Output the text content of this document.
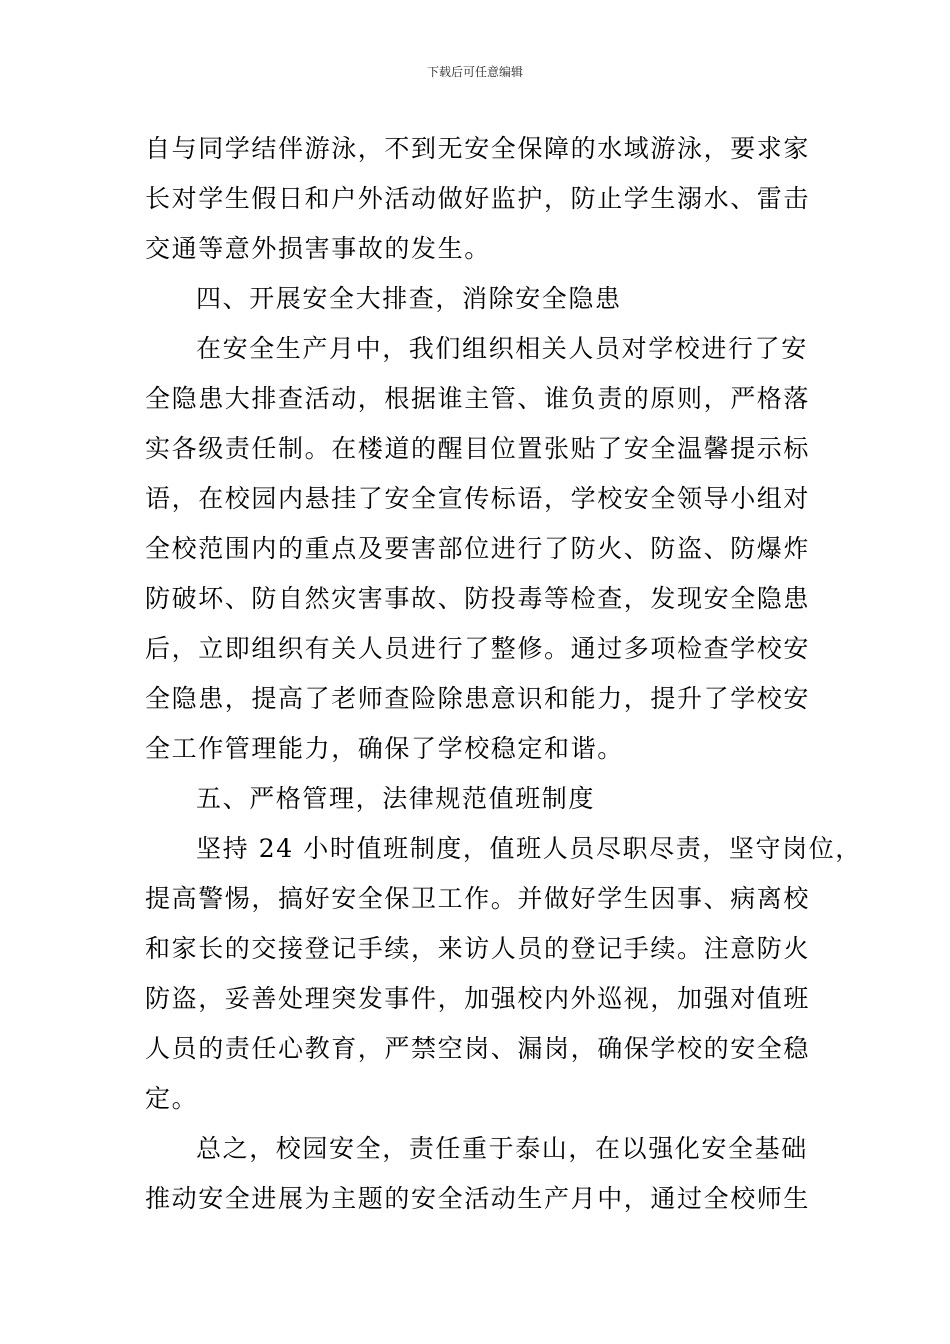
下载后可任意编辑
自与同学结伴游泳，不到无安全保障的水域游泳，要求家
长对学生假日和户外活动做好监护，防止学生溺水、雷击
交通等意外损害事故的发生。
四、开展安全大排查，消除安全隐患
在安全生产月中，我们组织相关人员对学校进行了安
全隐患大排查活动，根据谁主管、谁负责的原则，严格落
实各级责任制。在楼道的醒目位置张贴了安全温馨提示标
语，在校园内悬挂了安全宣传标语，学校安全领导小组对
全校范围内的重点及要害部位进行了防火、防盗、防爆炸
防破坏、防自然灾害事故、防投毒等检查，发现安全隐患
后，立即组织有关人员进行了整修。通过多项检查学校安
全隐患，提高了老师查险除患意识和能力，提升了学校安
全工作管理能力，确保了学校稳定和谐。
五、严格管理，法律规范值班制度
坚持 24 小时值班制度，值班人员尽职尽责，坚守岗位，
提高警惕，搞好安全保卫工作。并做好学生因事、病离校
和家长的交接登记手续，来访人员的登记手续。注意防火
防盗，妥善处理突发事件，加强校内外巡视，加强对值班
人员的责任心教育，严禁空岗、漏岗，确保学校的安全稳
定。
总之，校园安全，责任重于泰山，在以强化安全基础
推动安全进展为主题的安全活动生产月中，通过全校师生
